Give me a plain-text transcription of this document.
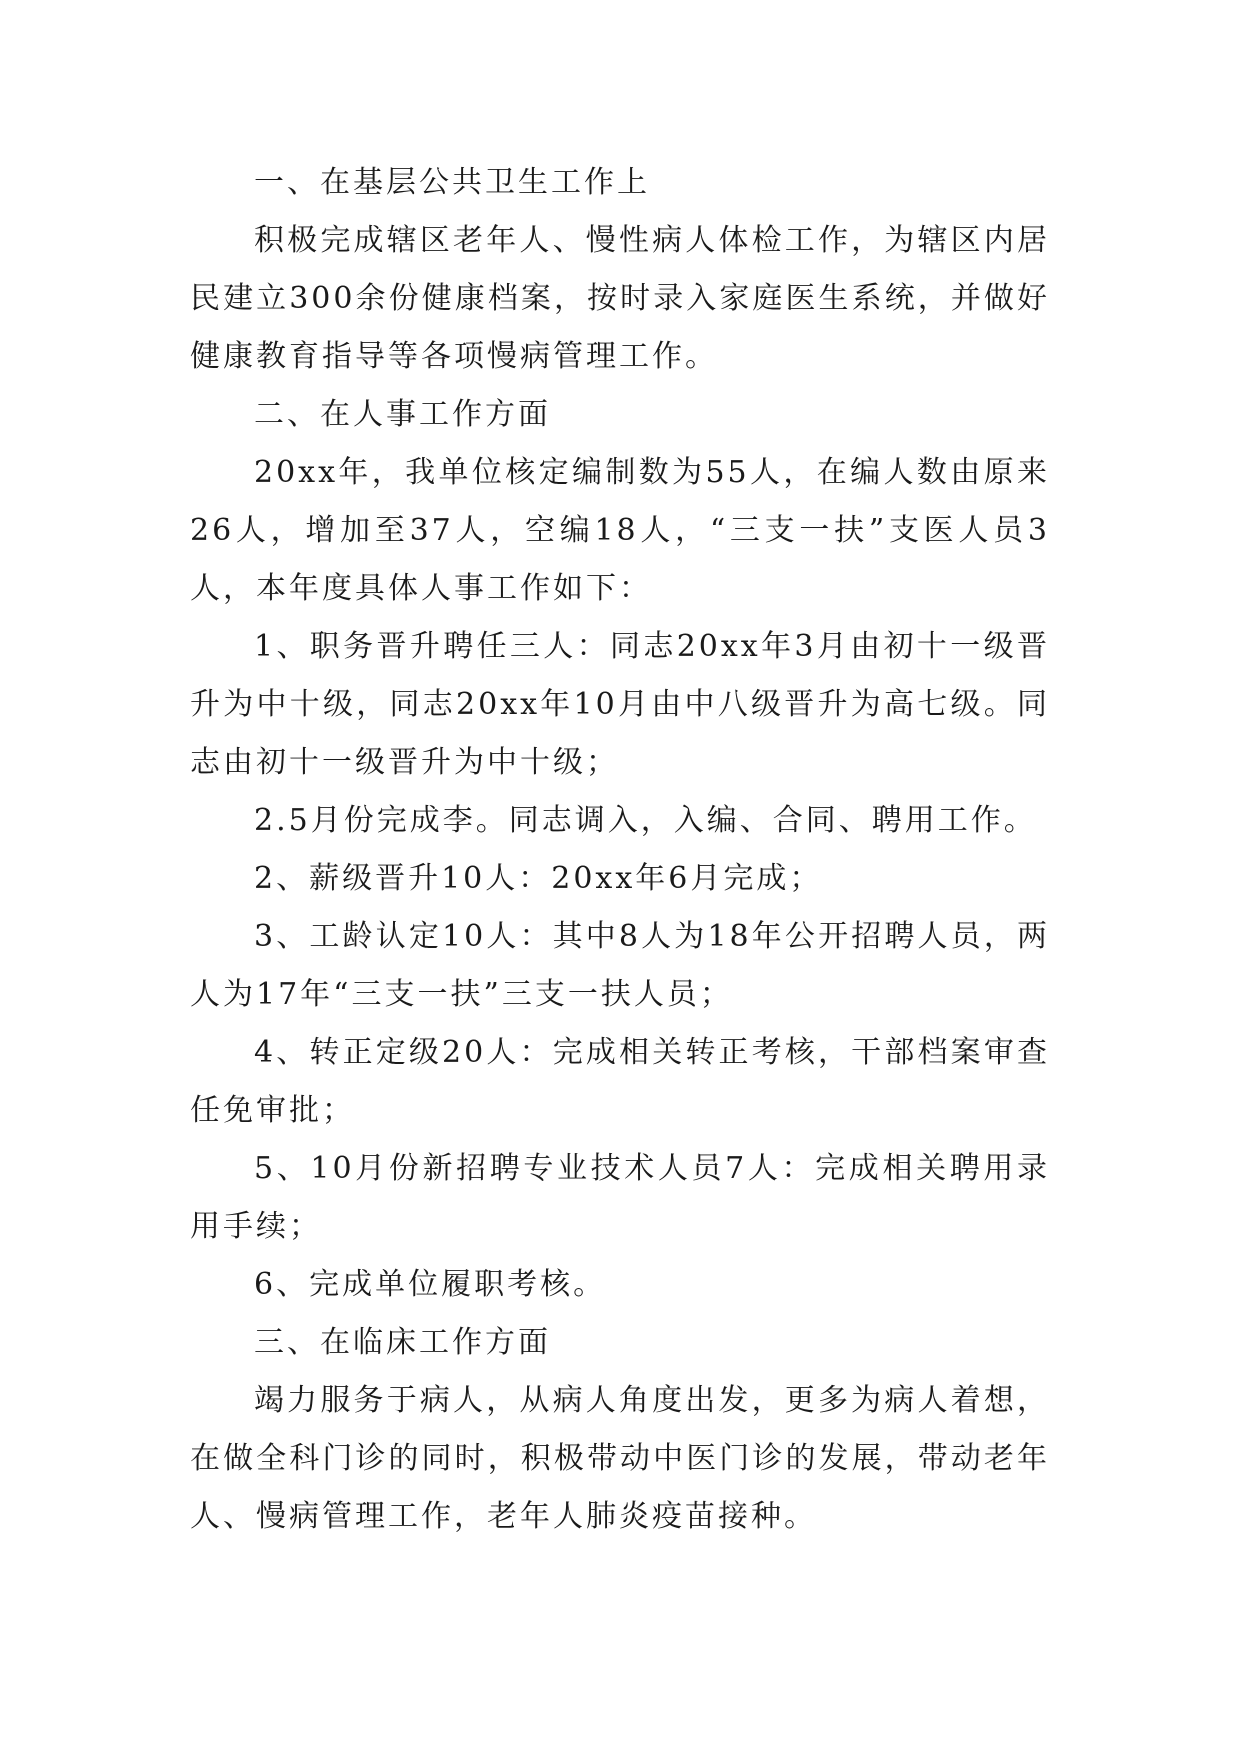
一、在基层公共卫生工作上

积极完成辖区老年人、慢性病人体检工作，为辖区内居民建立300余份健康档案，按时录入家庭医生系统，并做好健康教育指导等各项慢病管理工作。

二、在人事工作方面

20xx年，我单位核定编制数为55人，在编人数由原来26人，增加至37人，空编18人，“三支一扶”支医人员3人，本年度具体人事工作如下：

1、职务晋升聘任三人：同志20xx年3月由初十一级晋升为中十级，同志20xx年10月由中八级晋升为高七级。同志由初十一级晋升为中十级；

2.5月份完成李。同志调入，入编、合同、聘用工作。

2、薪级晋升10人：20xx年6月完成；

3、工龄认定10人：其中8人为18年公开招聘人员，两人为17年“三支一扶”三支一扶人员；

4、转正定级20人：完成相关转正考核，干部档案审查任免审批；

5、10月份新招聘专业技术人员7人：完成相关聘用录用手续；

6、完成单位履职考核。

三、在临床工作方面

竭力服务于病人，从病人角度出发，更多为病人着想，在做全科门诊的同时，积极带动中医门诊的发展，带动老年人、慢病管理工作，老年人肺炎疫苗接种。
